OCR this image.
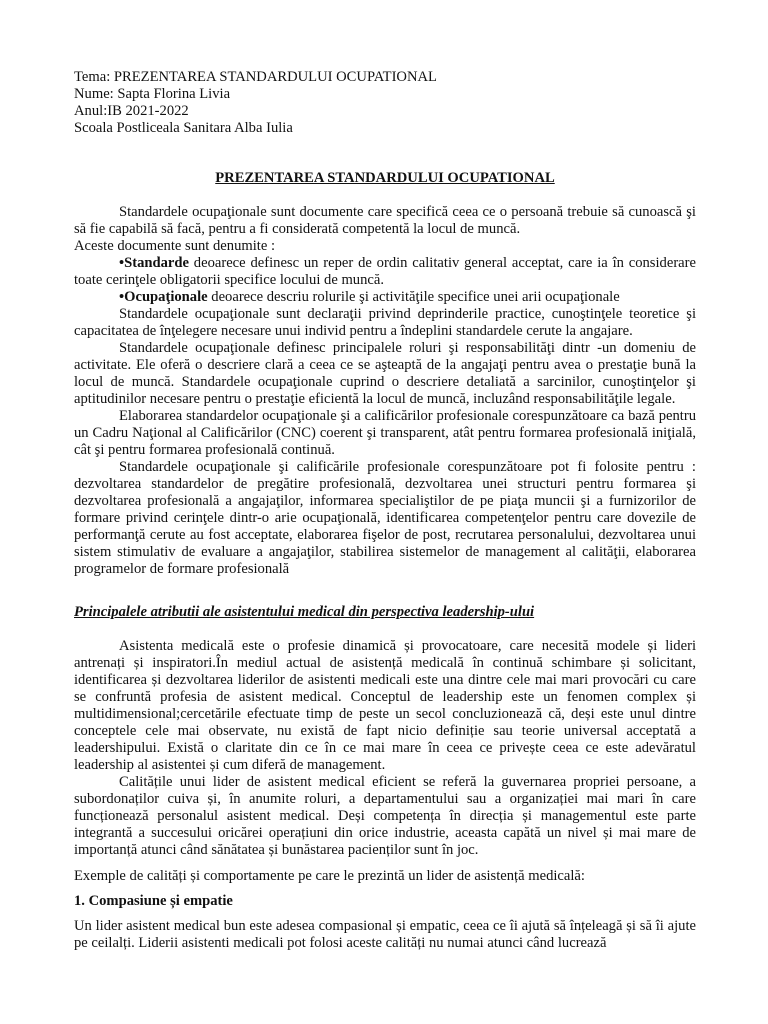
Tema: PREZENTAREA STANDARDULUI OCUPATIONAL

Nume: Sapta Florina Livia

Anul:IB 2021-2022

Scoala Postliceala Sanitara Alba Iulia

PREZENTAREA STANDARDULUI OCUPATIONAL

Standardele ocupaţionale sunt documente care specifică ceea ce o persoană trebuie să cunoască şi să fie capabilă să facă, pentru a fi considerată competentă la locul de muncă.

Aceste documente sunt denumite :

•Standarde deoarece definesc un reper de ordin calitativ general acceptat, care ia în considerare toate cerinţele obligatorii specifice locului de muncă.

•Ocupaţionale deoarece descriu rolurile şi activităţile specifice unei arii ocupaţionale

Standardele ocupaţionale sunt declaraţii privind deprinderile practice, cunoştinţele teoretice şi capacitatea de înţelegere necesare unui individ pentru a îndeplini standardele cerute la angajare.

Standardele ocupaţionale definesc principalele roluri şi responsabilităţi dintr -un domeniu de activitate. Ele oferă o descriere clară a ceea ce se aşteaptă de la angajaţi pentru avea o prestaţie bună la locul de muncă. Standardele ocupaţionale cuprind o descriere detaliată a sarcinilor, cunoştinţelor şi aptitudinilor necesare pentru o prestaţie eficientă la locul de muncă, incluzând responsabilităţile legale.

Elaborarea standardelor ocupaţionale şi a calificărilor profesionale corespunzătoare ca bază pentru un Cadru Naţional al Calificărilor (CNC) coerent şi transparent, atât pentru formarea profesională iniţială, cât şi pentru formarea profesională continuă.

Standardele ocupaţionale şi calificările profesionale corespunzătoare pot fi folosite pentru : dezvoltarea standardelor de pregătire profesională, dezvoltarea unei structuri pentru formarea şi dezvoltarea profesională a angajaţilor, informarea specialiştilor de pe piaţa muncii şi a furnizorilor de formare privind cerinţele dintr-o arie ocupaţională, identificarea competenţelor pentru care dovezile de performanţă cerute au fost acceptate, elaborarea fişelor de post, recrutarea personalului, dezvoltarea unui sistem stimulativ de evaluare a angajaţilor, stabilirea sistemelor de management al calităţii, elaborarea programelor de formare profesională

Principalele atributii ale asistentului medical din perspectiva leadership-ului

Asistenta medicală este o profesie dinamică și provocatoare, care necesită modele și lideri antrenați și inspiratori.În mediul actual de asistență medicală în continuă schimbare și solicitant, identificarea și dezvoltarea liderilor de asistenti medicali este una dintre cele mai mari provocări cu care se confruntă profesia de asistent medical. Conceptul de leadership este un fenomen complex și multidimensional;cercetările efectuate timp de peste un secol concluzionează că, deși este unul dintre conceptele cele mai observate, nu există de fapt nicio definiție sau teorie universal acceptată a leadershipului. Există o claritate din ce în ce mai mare în ceea ce privește ceea ce este adevăratul leadership al asistentei și cum diferă de management.

Calitățile unui lider de asistent medical eficient se referă la guvernarea propriei persoane, a subordonaților cuiva și, în anumite roluri, a departamentului sau a organizației mai mari în care funcționează personalul asistent medical. Deși competența în direcția și managementul este parte integrantă a succesului oricărei operațiuni din orice industrie, aceasta capătă un nivel și mai mare de importanță atunci când sănătatea și bunăstarea pacienților sunt în joc.

Exemple de calități și comportamente pe care le prezintă un lider de asistență medicală:

1. Compasiune și empatie

Un lider asistent medical bun este adesea compasional și empatic, ceea ce îi ajută să înțeleagă și să îi ajute pe ceilalți. Liderii asistenti medicali pot folosi aceste calități nu numai atunci când lucrează
